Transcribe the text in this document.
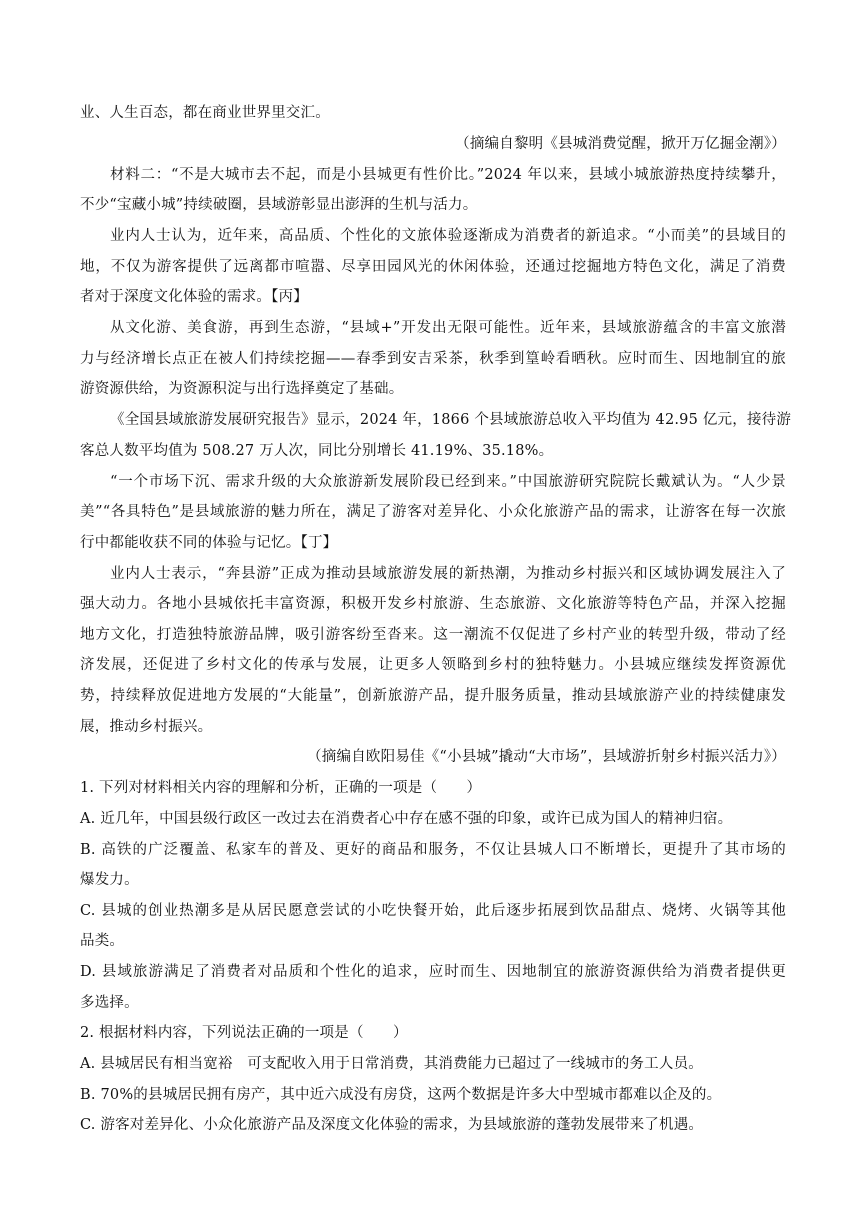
业、人生百态，都在商业世界里交汇。
（摘编自黎明《县城消费觉醒，掀开万亿掘金潮》）
材料二：“不是大城市去不起，而是小县城更有性价比。”2024 年以来，县域小城旅游热度持续攀升，
不少“宝藏小城”持续破圈，县域游彰显出澎湃的生机与活力。
业内人士认为，近年来，高品质、个性化的文旅体验逐渐成为消费者的新追求。“小而美”的县域目的
地，不仅为游客提供了远离都市喧嚣、尽享田园风光的休闲体验，还通过挖掘地方特色文化，满足了消费
者对于深度文化体验的需求。【丙】
从文化游、美食游，再到生态游，“县域+”开发出无限可能性。近年来，县域旅游蕴含的丰富文旅潜
力与经济增长点正在被人们持续挖掘——春季到安吉采茶，秋季到篁岭看晒秋。应时而生、因地制宜的旅
游资源供给，为资源积淀与出行选择奠定了基础。
《全国县域旅游发展研究报告》显示，2024 年，1866 个县域旅游总收入平均值为 42.95 亿元，接待游
客总人数平均值为 508.27 万人次，同比分别增长 41.19%、35.18%。
“一个市场下沉、需求升级的大众旅游新发展阶段已经到来。”中国旅游研究院院长戴斌认为。“人少景
美”“各具特色”是县域旅游的魅力所在，满足了游客对差异化、小众化旅游产品的需求，让游客在每一次旅
行中都能收获不同的体验与记忆。【丁】
业内人士表示，“奔县游”正成为推动县域旅游发展的新热潮，为推动乡村振兴和区域协调发展注入了
强大动力。各地小县城依托丰富资源，积极开发乡村旅游、生态旅游、文化旅游等特色产品，并深入挖掘
地方文化，打造独特旅游品牌，吸引游客纷至沓来。这一潮流不仅促进了乡村产业的转型升级，带动了经
济发展，还促进了乡村文化的传承与发展，让更多人领略到乡村的独特魅力。小县城应继续发挥资源优
势，持续释放促进地方发展的“大能量”，创新旅游产品，提升服务质量，推动县域旅游产业的持续健康发
展，推动乡村振兴。
（摘编自欧阳易佳《“小县城”撬动“大市场”，县域游折射乡村振兴活力》）
1. 下列对材料相关内容的理解和分析，正确的一项是（　　）
A. 近几年，中国县级行政区一改过去在消费者心中存在感不强的印象，或许已成为国人的精神归宿。
B. 高铁的广泛覆盖、私家车的普及、更好的商品和服务，不仅让县城人口不断增长，更提升了其市场的
爆发力。
C. 县城的创业热潮多是从居民愿意尝试的小吃快餐开始，此后逐步拓展到饮品甜点、烧烤、火锅等其他
品类。
D. 县域旅游满足了消费者对品质和个性化的追求，应时而生、因地制宜的旅游资源供给为消费者提供更
多选择。
2. 根据材料内容，下列说法正确的一项是（　　）
A. 县城居民有相当宽裕　可支配收入用于日常消费，其消费能力已超过了一线城市的务工人员。
B. 70%的县城居民拥有房产，其中近六成没有房贷，这两个数据是许多大中型城市都难以企及的。
C. 游客对差异化、小众化旅游产品及深度文化体验的需求，为县域旅游的蓬勃发展带来了机遇。
